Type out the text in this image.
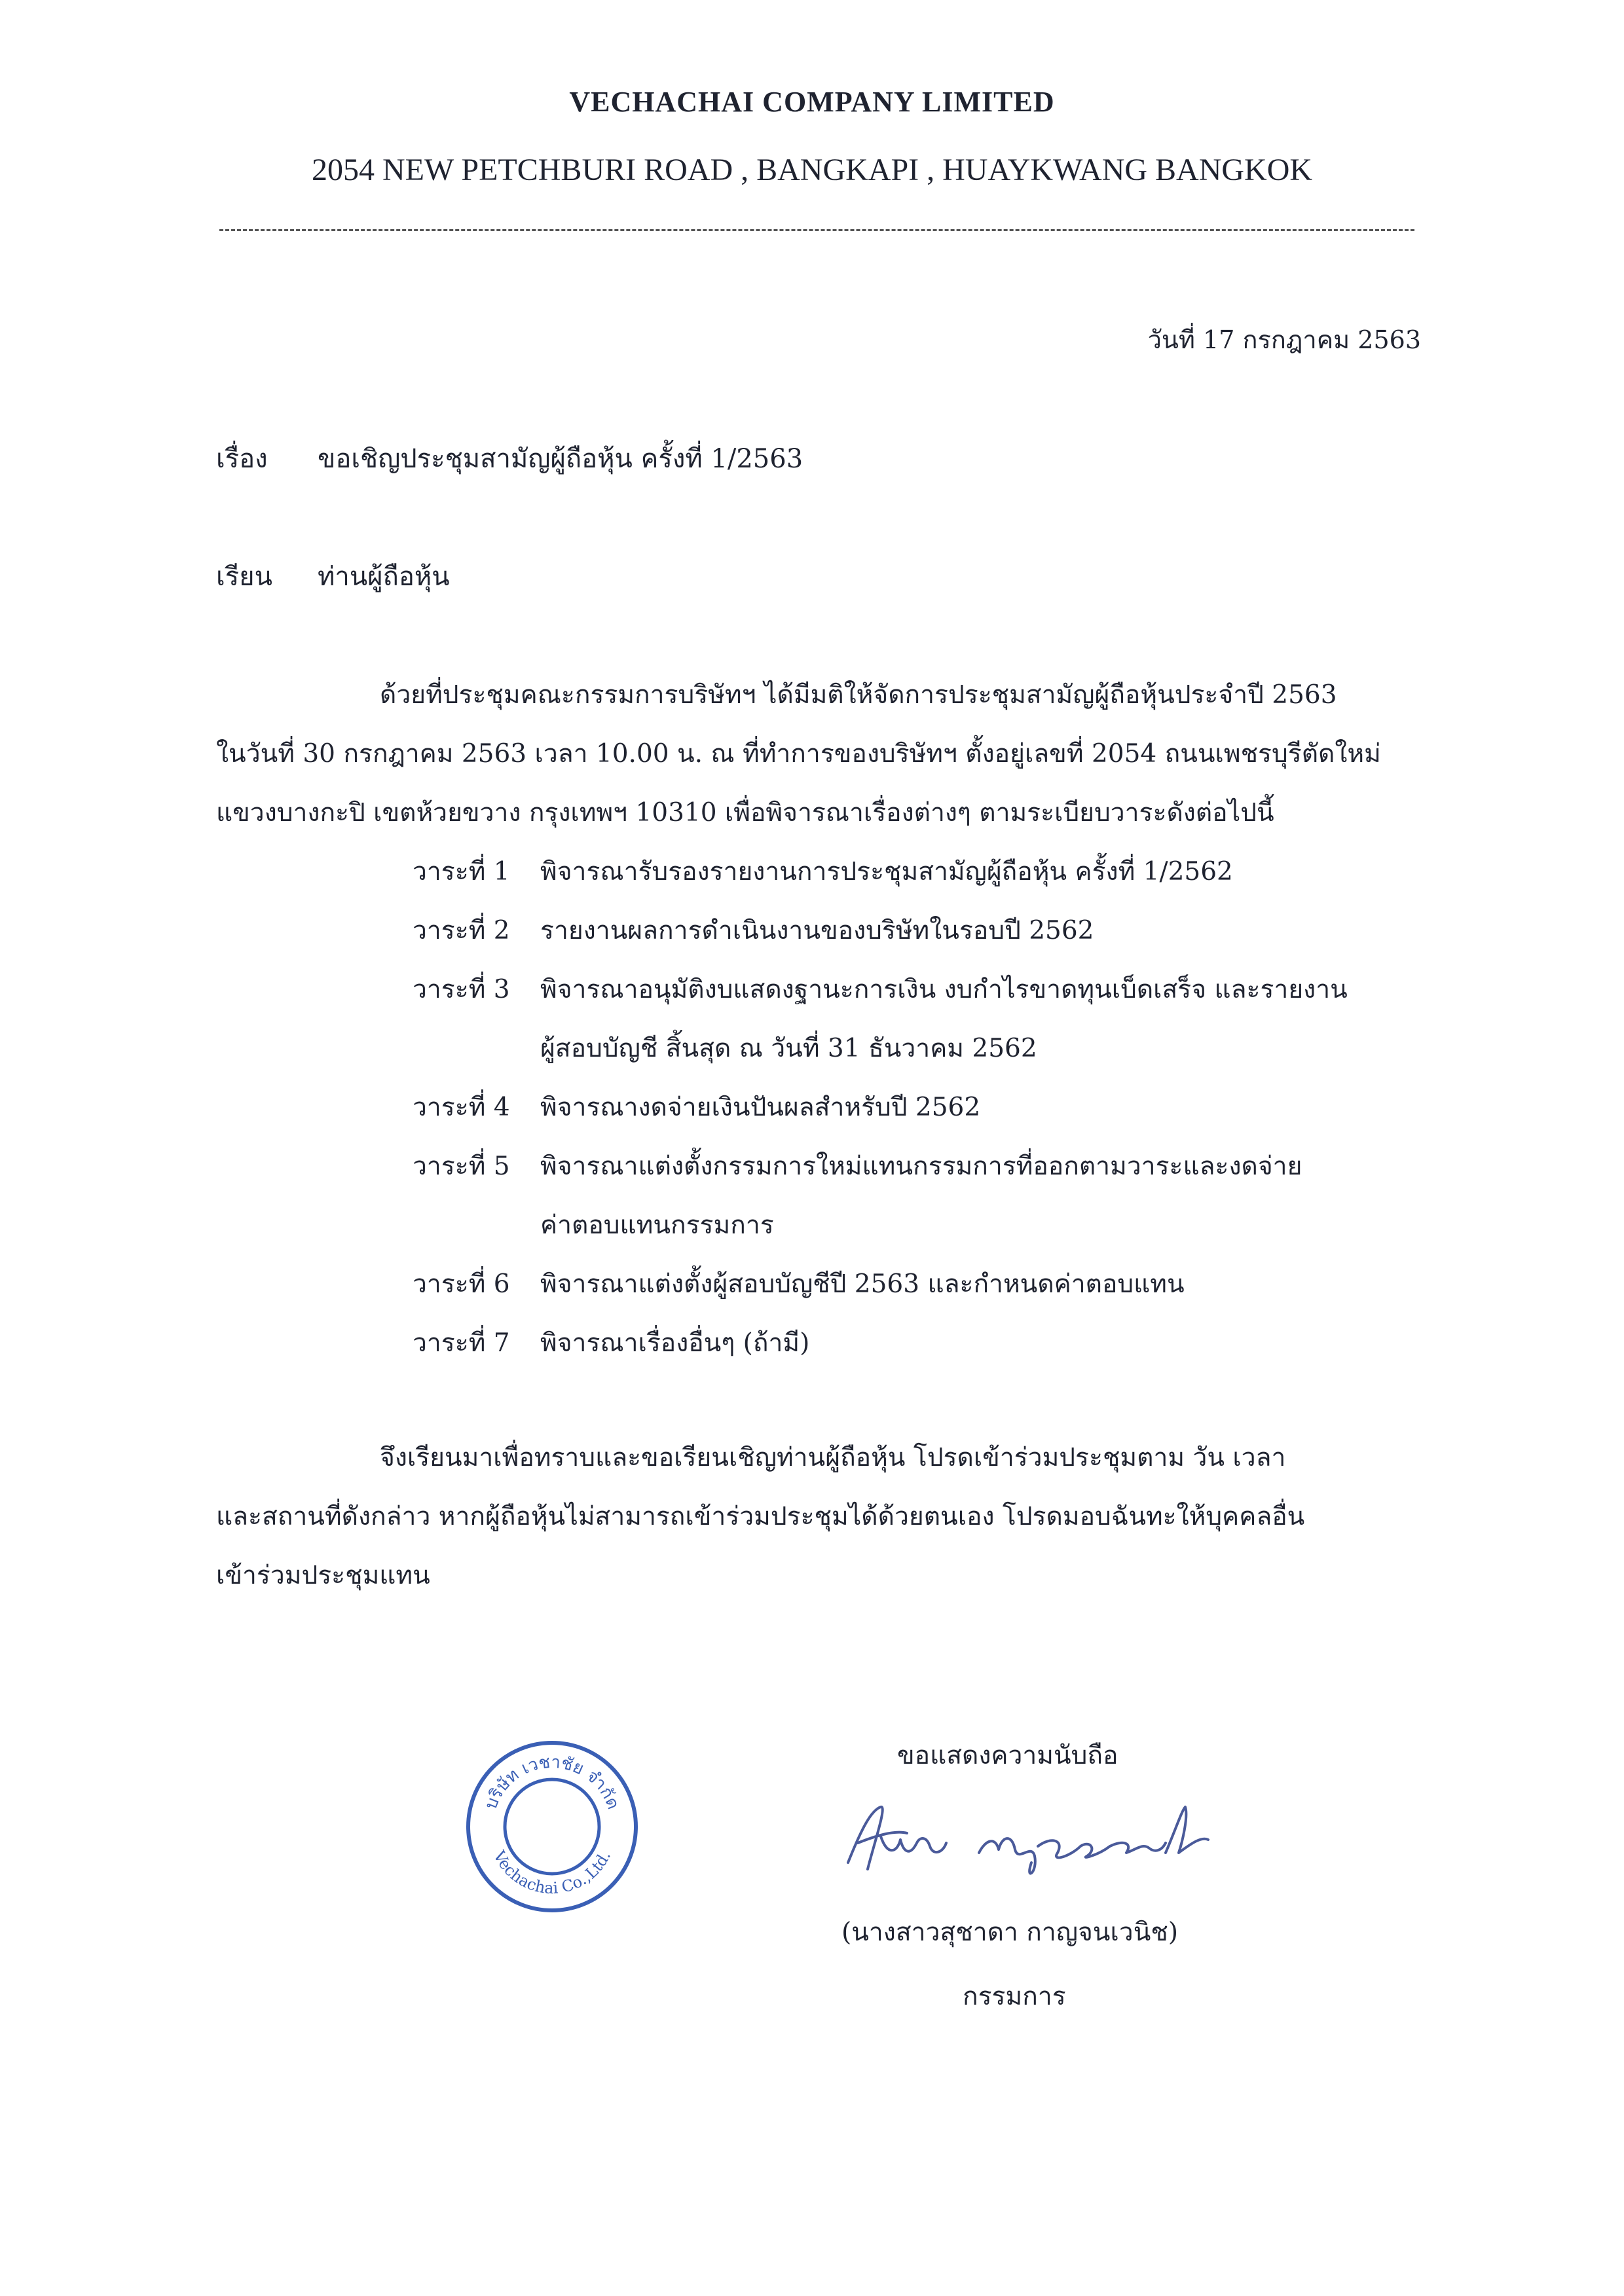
VECHACHAI COMPANY LIMITED
2054 NEW PETCHBURI ROAD , BANGKAPI , HUAYKWANG BANGKOK
วันที่ 17 กรกฎาคม 2563
เรื่อง ขอเชิญประชุมสามัญผู้ถือหุ้น ครั้งที่ 1/2563
เรียน ท่านผู้ถือหุ้น
ด้วยที่ประชุมคณะกรรมการบริษัทฯ ได้มีมติให้จัดการประชุมสามัญผู้ถือหุ้นประจำปี 2563
ในวันที่ 30 กรกฎาคม 2563 เวลา 10.00 น. ณ ที่ทำการของบริษัทฯ ตั้งอยู่เลขที่ 2054 ถนนเพชรบุรีตัดใหม่
แขวงบางกะปิ เขตห้วยขวาง กรุงเทพฯ 10310 เพื่อพิจารณาเรื่องต่างๆ ตามระเบียบวาระดังต่อไปนี้
วาระที่ 1 พิจารณารับรองรายงานการประชุมสามัญผู้ถือหุ้น ครั้งที่ 1/2562
วาระที่ 2 รายงานผลการดำเนินงานของบริษัทในรอบปี 2562
วาระที่ 3 พิจารณาอนุมัติงบแสดงฐานะการเงิน งบกำไรขาดทุนเบ็ดเสร็จ และรายงาน
ผู้สอบบัญชี สิ้นสุด ณ วันที่ 31 ธันวาคม 2562
วาระที่ 4 พิจารณางดจ่ายเงินปันผลสำหรับปี 2562
วาระที่ 5 พิจารณาแต่งตั้งกรรมการใหม่แทนกรรมการที่ออกตามวาระและงดจ่าย
ค่าตอบแทนกรรมการ
วาระที่ 6 พิจารณาแต่งตั้งผู้สอบบัญชีปี 2563 และกำหนดค่าตอบแทน
วาระที่ 7 พิจารณาเรื่องอื่นๆ (ถ้ามี)
จึงเรียนมาเพื่อทราบและขอเรียนเชิญท่านผู้ถือหุ้น โปรดเข้าร่วมประชุมตาม วัน เวลา
และสถานที่ดังกล่าว หากผู้ถือหุ้นไม่สามารถเข้าร่วมประชุมได้ด้วยตนเอง โปรดมอบฉันทะให้บุคคลอื่น
เข้าร่วมประชุมแทน
บริษัท เวชาชัย จำกัด
Vechachai Co.,Ltd.
ขอแสดงความนับถือ
(นางสาวสุชาดา กาญจนเวนิช)
กรรมการ
